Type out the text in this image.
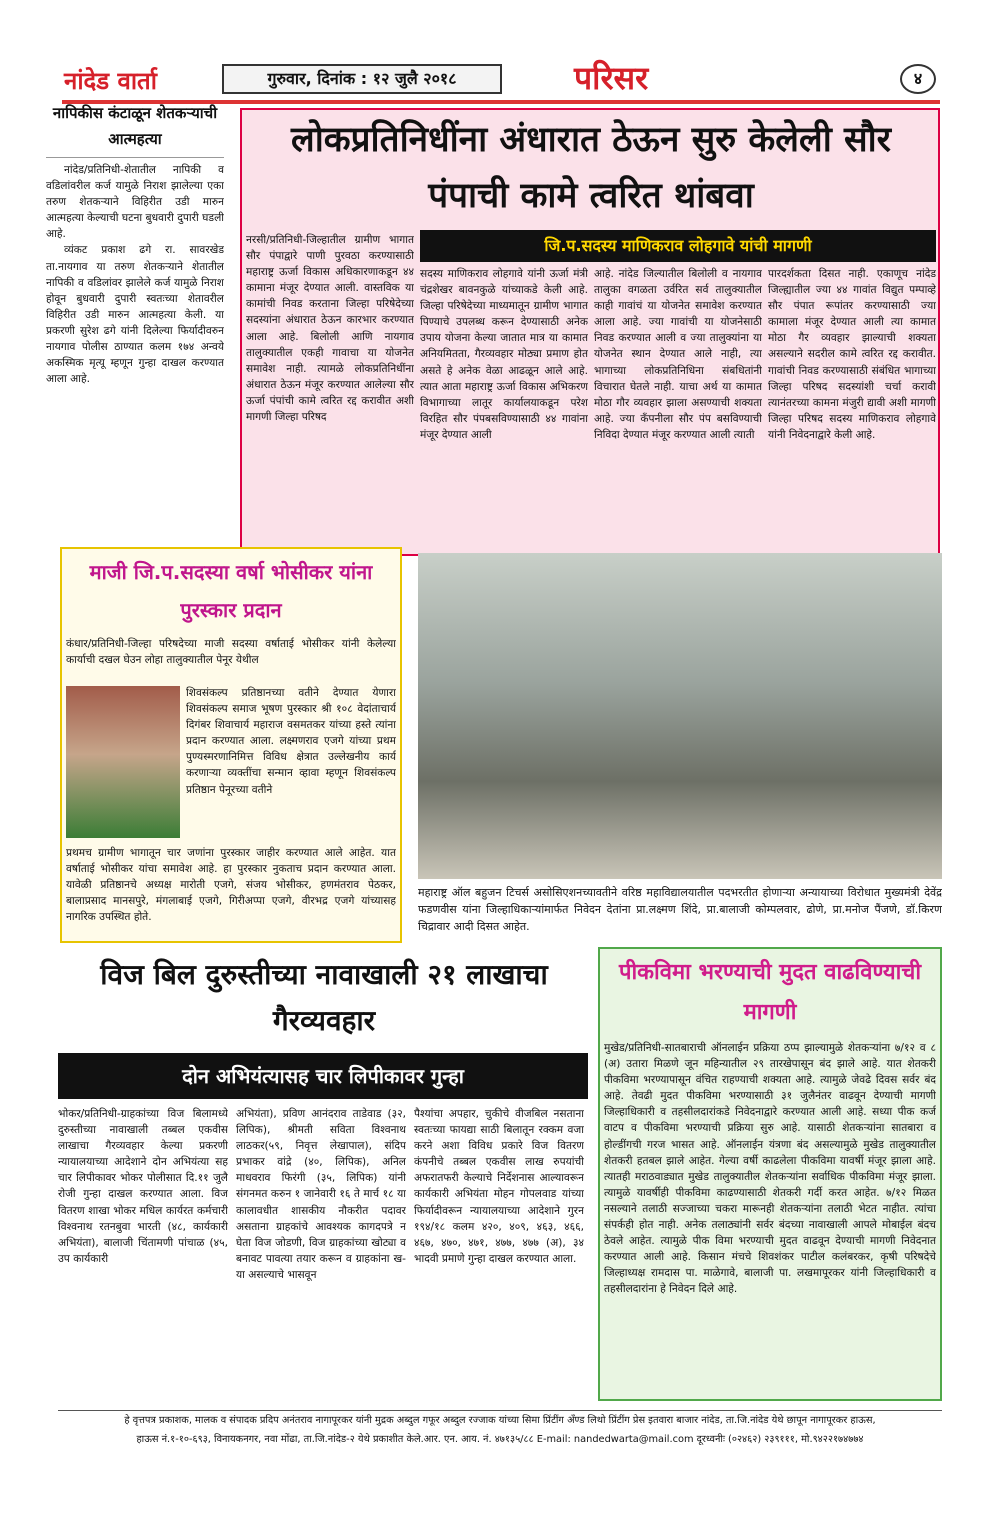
नांदेड वार्ता	गुरुवार, दिनांक : १२ जुलै २०१८	परिसर	४
नापिकीस कंटाळून शेतकऱ्याची आत्महत्या

नांदेड/प्रतिनिधी-शेतातील नापिकी व वडिलांवरील कर्ज यामुळे निराश झालेल्या एका तरुण शेतकऱ्याने विहिरीत उडी मारुन आत्महत्या केल्याची घटना बुधवारी दुपारी घडली आहे.

व्यंकट प्रकाश ढगे रा. सावरखेड ता.नायगाव या तरुण शेतकऱ्याने शेतातील नापिकी व वडिलांवर झालेले कर्ज यामुळे निराश होवून बुधवारी दुपारी स्वतःच्या शेतावरील विहिरीत उडी मारुन आत्महत्या केली. या प्रकरणी सुरेश ढगे यांनी दिलेल्या फिर्यादीवरुन नायगाव पोलीस ठाण्यात कलम १७४ अन्वये अकस्मिक मृत्यू म्हणून गुन्हा दाखल करण्यात आला आहे.

लोकप्रतिनिधींना अंधारात ठेऊन सुरु केलेली सौर पंपाची कामे त्वरित थांबवा
जि.प.सदस्य माणिकराव लोहगावे यांची मागणी
नरसी/प्रतिनिधी-जिल्हातील ग्रामीण भागात सौर पंपाद्वारे पाणी पुरवठा करण्यासाठी महाराष्ट्र ऊर्जा विकास अधिकारणाकडून ४४ कामाना मंजूर देण्यात आली. वास्तविक या कामांची निवड करताना जिल्हा परिषेदेच्या सदस्यांना अंधारात ठेऊन कारभार करण्यात आला आहे. बिलोली आणि नायगाव तालुक्यातील एकही गावाचा या योजनेत समावेश नाही. त्यामळे लोकप्रतिनिधींना अंधारात ठेऊन मंजूर करण्यात आलेल्या सौर ऊर्जा पंपांची कामे त्वरित रद्द करावीत अशी मागणी जिल्हा परिषद
सदस्य माणिकराव लोहगावे यांनी ऊर्जा मंत्री चंद्रशेखर बावनकुळे यांच्याकडे केली आहे. जिल्हा परिषेदेच्या माध्यमातून ग्रामीण भागात पिण्याचे उपलब्ध करून देण्यासाठी अनेक उपाय योजना केल्या जातात मात्र या कामात अनियमितता, गैरव्यवहार मोठ्या प्रमाण होत असते हे अनेक वेळा आढळून आले आहे. त्यात आता महाराष्ट्र ऊर्जा विकास अभिकरण विभागाच्या लातूर कार्यालयाकडून परेश विरहित सौर पंपबसविण्यासाठी ४४ गावांना मंजूर देण्यात आली
आहे. नांदेड जिल्यातील बिलोली व नायगाव तालुका वगळता उर्वरित सर्व तालुक्यातील काही गावांचं या योजनेत समावेश करण्यात आला आहे. ज्या गावांची या योजनेसाठी निवड करण्यात आली व ज्या तालुक्यांना या योजनेत स्थान देण्यात आले नाही, त्या भागाच्या लोकप्रतिनिधिना संबधितांनी विचारात घेतले नाही. याचा अर्थ या कामात मोठा गौर व्यवहार झाला असण्याची शक्यता आहे. ज्या कँपनीला सौर पंप बसविण्याची निविदा देण्यात मंजूर करण्यात आली त्याती
पारदर्शकता दिसत नाही. एकाणूच नांदेड जिल्ह्यातील ज्या ४४ गावांत विद्युत पम्पाव्हे सौर पंपात रूपांतर करण्यासाठी ज्या कामाला मंजूर देण्यात आली त्या कामात मोठा गैर व्यवहार झाल्याची शक्यता असल्याने सदरील कामे त्वरित रद्द करावीत. गावांची निवड करण्यासाठी संबंधित भागाच्या जिल्हा परिषद सदस्यांशी चर्चा करावी त्यानंतरच्या कामना मंजुरी द्यावी अशी मागणी जिल्हा परिषद सदस्य माणिकराव लोहगावे यांनी निवेदनाद्वारे केली आहे.
माजी जि.प.सदस्या वर्षा भोसीकर यांना पुरस्कार प्रदान
कंधार/प्रतिनिधी-जिल्हा परिषदेच्या माजी सदस्या वर्षाताई भोसीकर यांनी केलेल्या कार्याची दखल घेउन लोहा तालुक्यातील पेनूर येथील
शिवसंकल्प प्रतिष्ठानच्या वतीने देण्यात येणारा शिवसंकल्प समाज भूषण पुरस्कार श्री १०८ वेदांताचार्य दिगंबर शिवाचार्य महाराज वसमतकर यांच्या हस्ते त्यांना प्रदान करण्यात आला. लक्ष्मणराव एजगे यांच्या प्रथम पुण्यस्मरणानिमित्त विविध क्षेत्रात उल्लेखनीय कार्य करणाऱ्या व्यक्तींचा सन्मान व्हावा म्हणून शिवसंकल्प प्रतिष्ठान पेनूरच्या वतीने
प्रथमच ग्रामीण भागातून चार जणांना पुरस्कार जाहीर करण्यात आले आहेत. यात वर्षाताई भोसीकर यांचा समावेश आहे. हा पुरस्कार नुकताच प्रदान करण्यात आला. यावेळी प्रतिष्ठानचे अध्यक्ष मारोती एजगे, संजय भोसीकर, हणमंतराव पेठकर, बालाप्रसाद मानसपुरे, मंगलाबाई एजगे, गिरीअप्पा एजगे, वीरभद्र एजगे यांच्यासह नागरिक उपस्थित होते.
महाराष्ट्र ऑल बहुजन टिचर्स असोसिएशनच्यावतीने वरिष्ठ महाविद्यालयातील पदभरतीत होणाऱ्या अन्यायाच्या विरोधात मुख्यमंत्री देवेंद्र फडणवीस यांना जिल्हाधिकाऱ्यांमार्फत निवेदन देतांना प्रा.लक्ष्मण शिंदे, प्रा.बालाजी कोम्पलवार, ढोणे, प्रा.मनोज पैंजणे, डॉ.किरण चिद्रावार आदी दिसत आहेत.
विज बिल दुरुस्तीच्या नावाखाली २१ लाखाचा गैरव्यवहार
दोन अभियंत्यासह चार लिपीकावर गुन्हा
भोकर/प्रतिनिधी-ग्राहकांच्या विज बिलामध्ये दुरुस्तीच्या नावाखाली तब्बल एकवीस लाखाचा गैरव्यवहार केल्या प्रकरणी न्यायालयाच्या आदेशाने दोन अभियंत्या सह चार लिपीकावर भोकर पोलीसात दि.११ जुलै रोजी गुन्हा दाखल करण्यात आला. विज वितरण शाखा भोकर मधिल कार्यरत कर्मचारी विश्वनाथ रतनबुवा भारती (४८, कार्यकारी अभियंता), बालाजी चिंतामणी पांचाळ (४५, उप कार्यकारी
अभियंता), प्रविण आनंदराव ताडेवाड (३२, लिपिक), श्रीमती सविता विश्वनाथ लाठकर(५९, निवृत्त लेखापाल), संदिप प्रभाकर वांद्रे (४०, लिपिक), अनिल माधवराव फिरंगी (३५, लिपिक) यांनी संगनमत करुन १ जानेवारी १६ ते मार्च १८ या कालावधीत शासकीय नौकरीत पदावर असताना ग्राहकांचे आवश्यक कागदपत्रे न घेता विज जोडणी, विज ग्राहकांच्या खोट्या व बनावट पावत्या तयार करून व ग्राहकांना ख-या असल्याचे भासवून
पैश्यांचा अपहार, चुकीचे वीजबिल नसताना स्वतःच्या फायद्या साठी बिलातून रक्कम वजा करने अशा विविध प्रकारे विज वितरण कंपनीचे तब्बल एकवीस लाख रुपयांची अफरातफरी केल्याचे निर्देशनास आल्यावरून कार्यकारी अभियंता मोहन गोपलवाड यांच्या फिर्यादीवरून न्यायालयाच्या आदेशाने गुरन १९४/१८ कलम ४२०, ४०९, ४६३, ४६६, ४६७, ४७०, ४७१, ४७७, ४७७ (अ), ३४ भादवी प्रमाणे गुन्हा दाखल करण्यात आला.
पीकविमा भरण्याची मुदत वाढविण्याची मागणी
मुखेड/प्रतिनिधी-सातबाराची ऑनलाईन प्रक्रिया ठप्प झाल्यामुळे शेतकऱ्यांना ७/१२ व ८ (अ) उतारा मिळणे जून महिन्यातील २९ तारखेपासून बंद झाले आहे. यात शेतकरी पीकविमा भरण्यापासून वंचित राहण्याची शक्यता आहे. त्यामुळे जेवढे दिवस सर्वर बंद आहे. तेवढी मुदत पीकविमा भरण्यासाठी ३१ जुलैनंतर वाढवून देण्याची मागणी जिल्हाधिकारी व तहसीलदारांकडे निवेदनाद्वारे करण्यात आली आहे. सध्या पीक कर्ज वाटप व पीकविमा भरण्याची प्रक्रिया सुरु आहे. यासाठी शेतकऱ्यांना सातबारा व होल्डींगची गरज भासत आहे. ऑनलाईन यंत्रणा बंद असल्यामुळे मुखेड तालुक्यातील शेतकरी हतबल झाले आहेत. गेल्या वर्षी काढलेला पीकविमा यावर्षी मंजूर झाला आहे. त्यातही मराठवाड्यात मुखेड तालुक्यातील शेतकऱ्यांना सर्वाधिक पीकविमा मंजूर झाला. त्यामुळे यावर्षीही पीकविमा काढण्यासाठी शेतकरी गर्दी करत आहेत. ७/१२ मिळत नसल्याने तलाठी सज्जाच्या चकरा मारूनही शेतकऱ्यांना तलाठी भेटत नाहीत. त्यांचा संपर्कही होत नाही. अनेक तलाठ्यांनी सर्वर बंदच्या नावाखाली आपले मोबाईल बंदच ठेवले आहेत. त्यामुळे पीक विमा भरण्याची मुदत वाढवून देण्याची मागणी निवेदनात करण्यात आली आहे. किसान मंचचे शिवशंकर पाटील कलंबरकर, कृषी परिषदेचे जिल्हाध्यक्ष रामदास पा. माळेगावे, बालाजी पा. लखमापूरकर यांनी जिल्हाधिकारी व तहसीलदारांना हे निवेदन दिले आहे.
हे वृत्तपत्र प्रकाशक, मालक व संपादक प्रदिप अनंतराव नागापूरकर यांनी मुद्रक अब्दुल गफूर अब्दुल रज्जाक यांच्या सिमा प्रिंटींग अँण्ड लिथो प्रिंटींग प्रेस इतवारा बाजार नांदेड, ता.जि.नांदेड येथे छापून नागापूरकर हाऊस,
हाऊस नं.१-१०-६९३, विनायकनगर, नवा मोंढा, ता.जि.नांदेड-२ येथे प्रकाशीत केले.आर. एन. आय. नं. ४७१३५/८८ E-mail: nandedwarta@mail.com दूरध्वनीः (०२४६२) २३९१११, मो.९४२२१७४७७४
